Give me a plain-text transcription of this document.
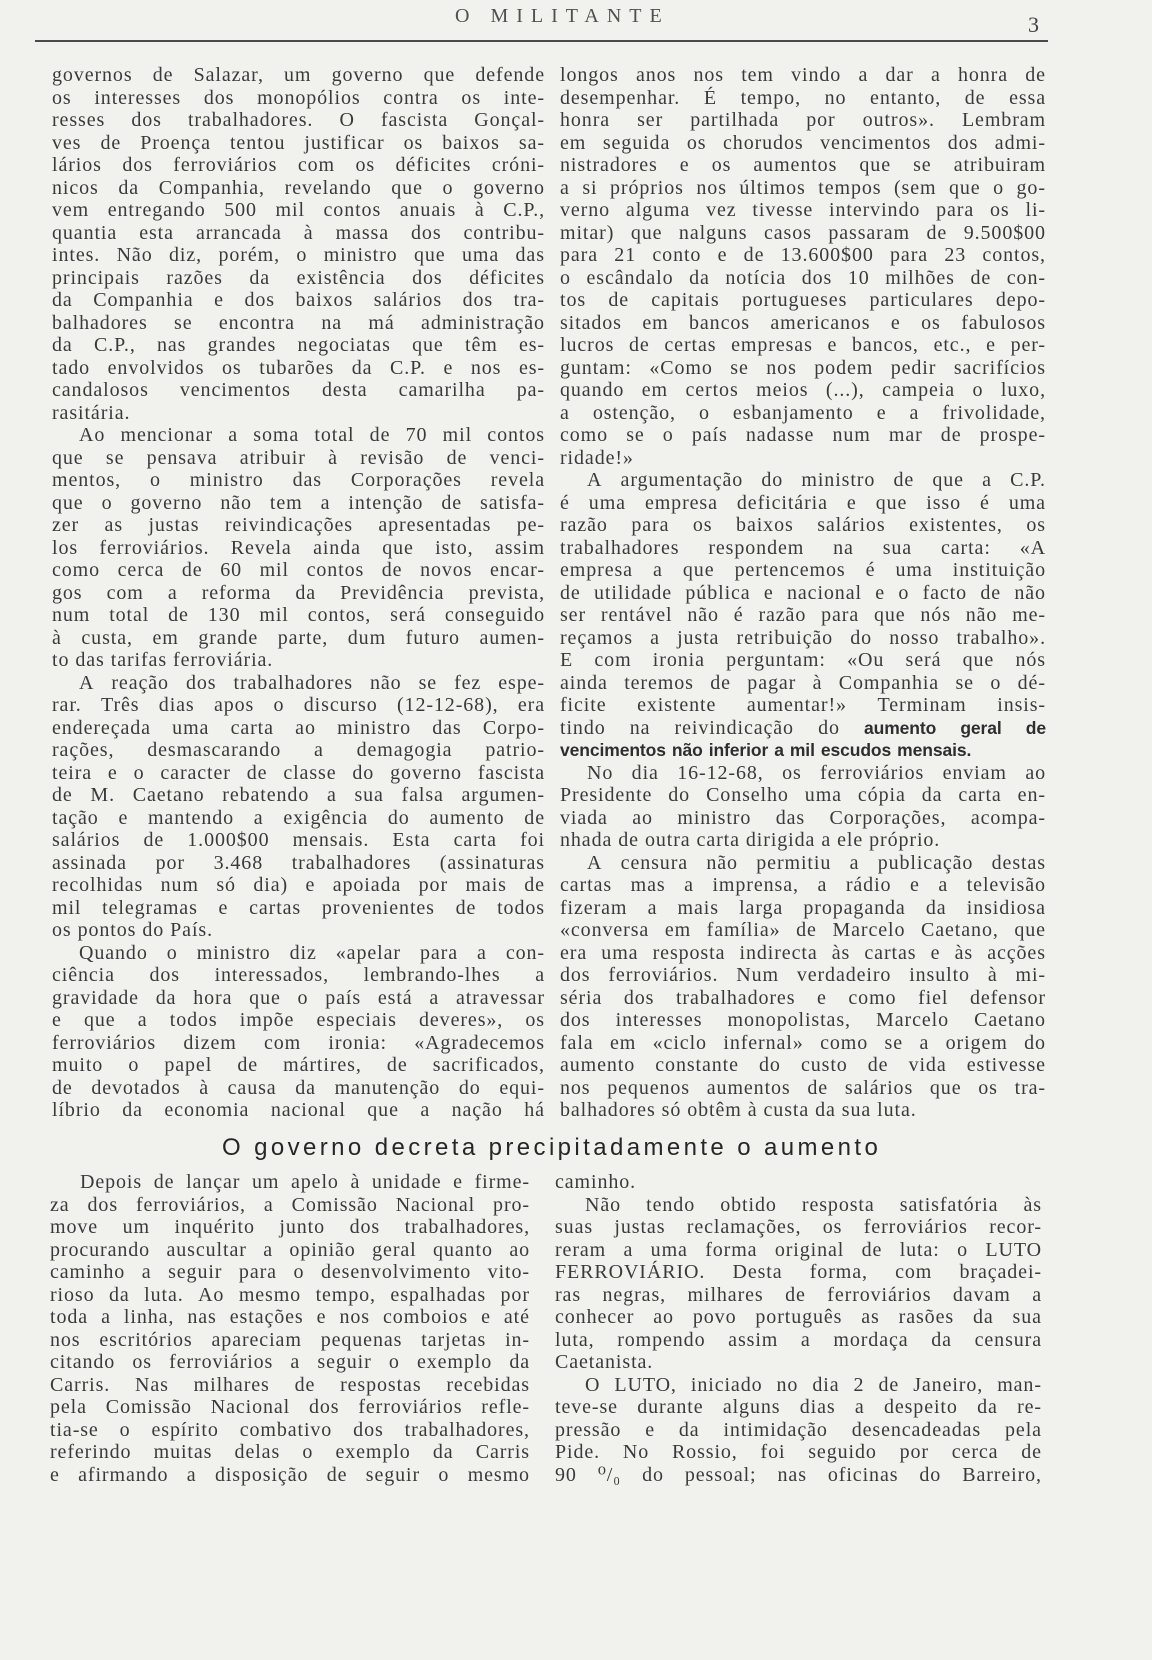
O MILITANTE	3
governos de Salazar, um governo que defende
os interesses dos monopólios contra os inte-
resses dos trabalhadores. O fascista Gonçal-
ves de Proença tentou justificar os baixos sa-
lários dos ferroviários com os déficites cróni-
nicos da Companhia, revelando que o governo
vem entregando 500 mil contos anuais à C.P.,
quantia esta arrancada à massa dos contribu-
intes. Não diz, porém, o ministro que uma das
principais razões da existência dos déficites
da Companhia e dos baixos salários dos tra-
balhadores se encontra na má administração
da C.P., nas grandes negociatas que têm es-
tado envolvidos os tubarões da C.P. e nos es-
candalosos vencimentos desta camarilha pa-
rasitária.
Ao mencionar a soma total de 70 mil contos
que se pensava atribuir à revisão de venci-
mentos, o ministro das Corporações revela
que o governo não tem a intenção de satisfa-
zer as justas reivindicações apresentadas pe-
los ferroviários. Revela ainda que isto, assim
como cerca de 60 mil contos de novos encar-
gos com a reforma da Previdência prevista,
num total de 130 mil contos, será conseguido
à custa, em grande parte, dum futuro aumen-
to das tarifas ferroviária.
A reação dos trabalhadores não se fez espe-
rar. Três dias apos o discurso (12-12-68), era
endereçada uma carta ao ministro das Corpo-
rações, desmascarando a demagogia patrio-
teira e o caracter de classe do governo fascista
de M. Caetano rebatendo a sua falsa argumen-
tação e mantendo a exigência do aumento de
salários de 1.000$00 mensais. Esta carta foi
assinada por 3.468 trabalhadores (assinaturas
recolhidas num só dia) e apoiada por mais de
mil telegramas e cartas provenientes de todos
os pontos do País.
Quando o ministro diz «apelar para a con-
ciência dos interessados, lembrando-lhes a
gravidade da hora que o país está a atravessar
e que a todos impõe especiais deveres», os
ferroviários dizem com ironia: «Agradecemos
muito o papel de mártires, de sacrificados,
de devotados à causa da manutenção do equi-
líbrio da economia nacional que a nação há
longos anos nos tem vindo a dar a honra de
desempenhar. É tempo, no entanto, de essa
honra ser partilhada por outros». Lembram
em seguida os chorudos vencimentos dos admi-
nistradores e os aumentos que se atribuiram
a si próprios nos últimos tempos (sem que o go-
verno alguma vez tivesse intervindo para os li-
mitar) que nalguns casos passaram de 9.500$00
para 21 conto e de 13.600$00 para 23 contos,
o escândalo da notícia dos 10 milhões de con-
tos de capitais portugueses particulares depo-
sitados em bancos americanos e os fabulosos
lucros de certas empresas e bancos, etc., e per-
guntam: «Como se nos podem pedir sacrifícios
quando em certos meios (...), campeia o luxo,
a ostenção, o esbanjamento e a frivolidade,
como se o país nadasse num mar de prospe-
ridade!»
A argumentação do ministro de que a C.P.
é uma empresa deficitária e que isso é uma
razão para os baixos salários existentes, os
trabalhadores respondem na sua carta: «A
empresa a que pertencemos é uma instituição
de utilidade pública e nacional e o facto de não
ser rentável não é razão para que nós não me-
reçamos a justa retribuição do nosso trabalho».
E com ironia perguntam: «Ou será que nós
ainda teremos de pagar à Companhia se o dé-
ficite existente aumentar!» Terminam insis-
tindo na reivindicação do aumento geral de
vencimentos não inferior a mil escudos mensais.
No dia 16-12-68, os ferroviários enviam ao
Presidente do Conselho uma cópia da carta en-
viada ao ministro das Corporações, acompa-
nhada de outra carta dirigida a ele próprio.
A censura não permitiu a publicação destas
cartas mas a imprensa, a rádio e a televisão
fizeram a mais larga propaganda da insidiosa
«conversa em família» de Marcelo Caetano, que
era uma resposta indirecta às cartas e às acções
dos ferroviários. Num verdadeiro insulto à mi-
séria dos trabalhadores e como fiel defensor
dos interesses monopolistas, Marcelo Caetano
fala em «ciclo infernal» como se a origem do
aumento constante do custo de vida estivesse
nos pequenos aumentos de salários que os tra-
balhadores só obtêm à custa da sua luta.
O governo decreta precipitadamente o aumento
Depois de lançar um apelo à unidade e firme-
za dos ferroviários, a Comissão Nacional pro-
move um inquérito junto dos trabalhadores,
procurando auscultar a opinião geral quanto ao
caminho a seguir para o desenvolvimento vito-
rioso da luta. Ao mesmo tempo, espalhadas por
toda a linha, nas estações e nos comboios e até
nos escritórios apareciam pequenas tarjetas in-
citando os ferroviários a seguir o exemplo da
Carris. Nas milhares de respostas recebidas
pela Comissão Nacional dos ferroviários refle-
tia-se o espírito combativo dos trabalhadores,
referindo muitas delas o exemplo da Carris
e afirmando a disposição de seguir o mesmo
caminho.
Não tendo obtido resposta satisfatória às
suas justas reclamações, os ferroviários recor-
reram a uma forma original de luta: o LUTO
FERROVIÁRIO. Desta forma, com braçadei-
ras negras, milhares de ferroviários davam a
conhecer ao povo português as rasões da sua
luta, rompendo assim a mordaça da censura
Caetanista.
O LUTO, iniciado no dia 2 de Janeiro, man-
teve-se durante alguns dias a despeito da re-
pressão e da intimidação desencadeadas pela
Pide. No Rossio, foi seguido por cerca de
90 ⁰/₀ do pessoal; nas oficinas do Barreiro,
